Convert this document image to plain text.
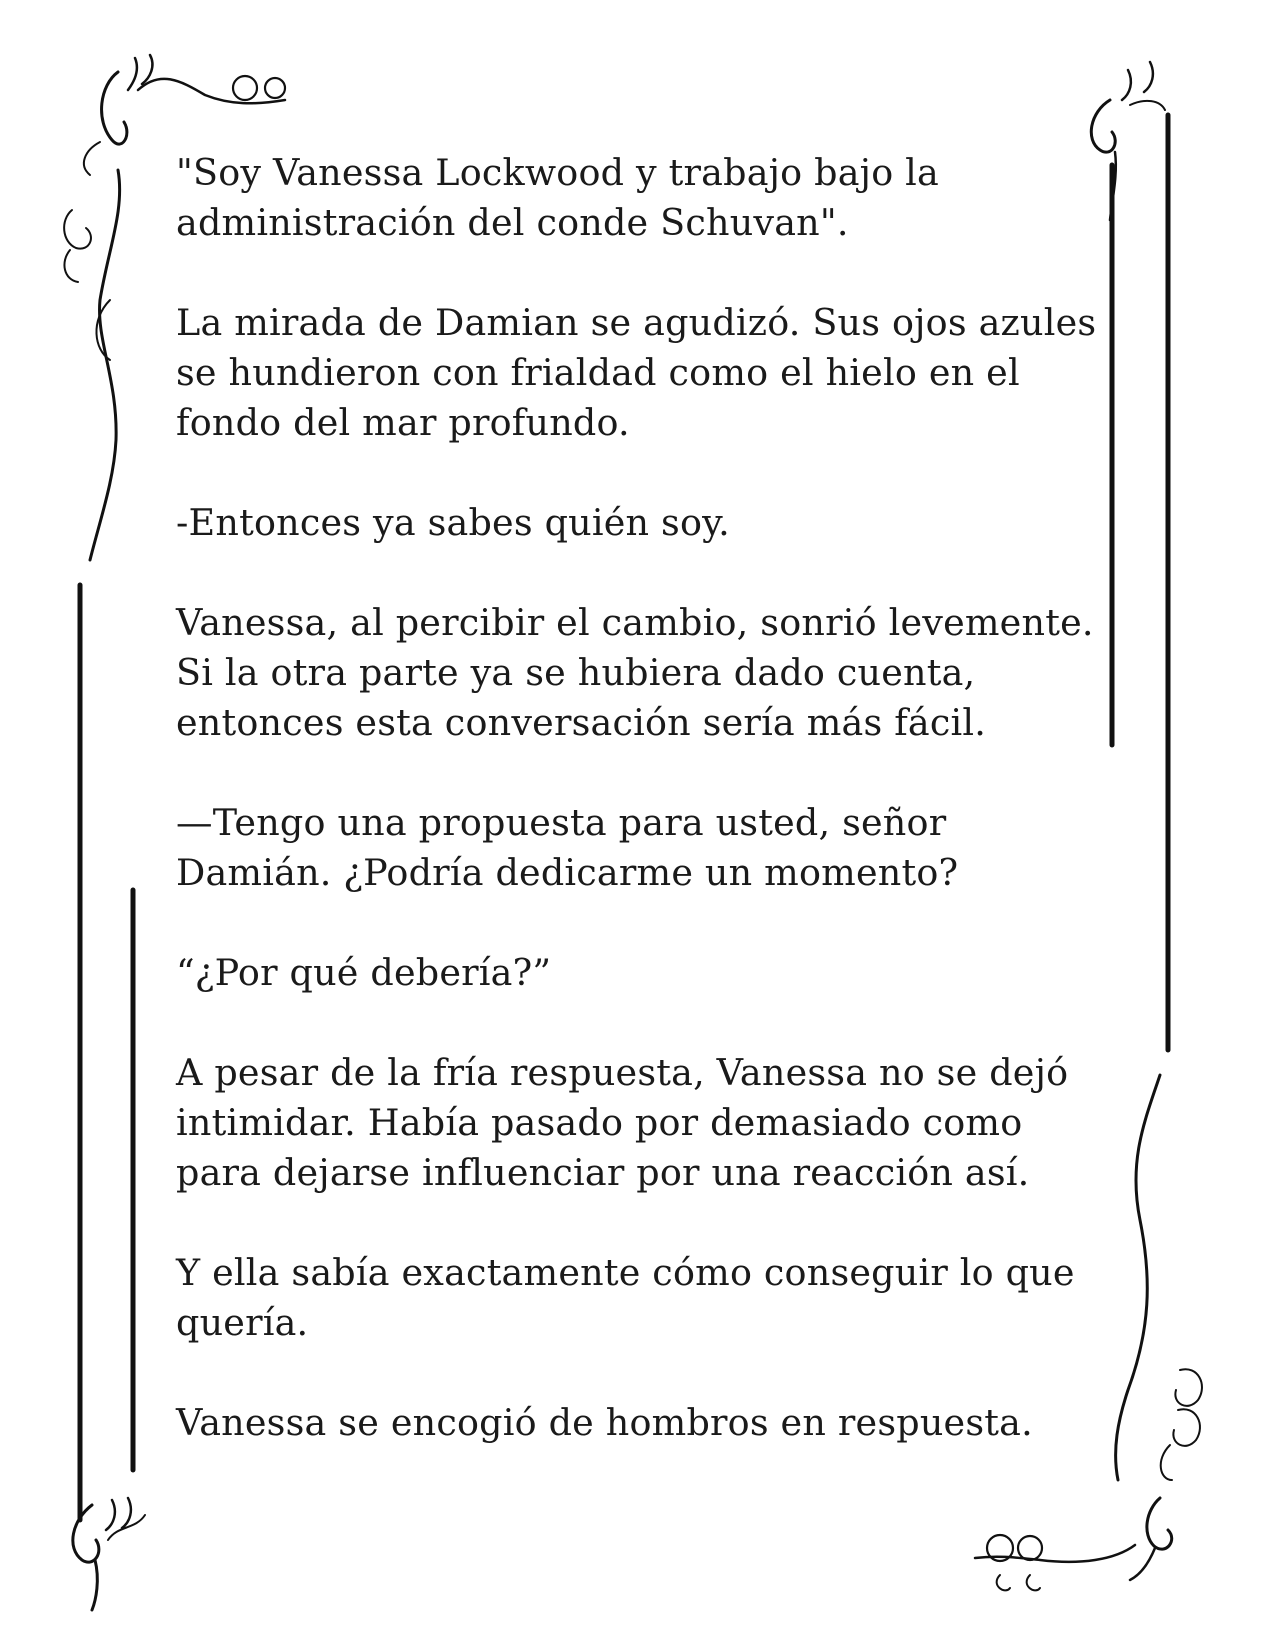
"Soy Vanessa Lockwood y trabajo bajo la administración del conde Schuvan".

La mirada de Damian se agudizó. Sus ojos azules se hundieron con frialdad como el hielo en el fondo del mar profundo.

-Entonces ya sabes quién soy.

Vanessa, al percibir el cambio, sonrió levemente. Si la otra parte ya se hubiera dado cuenta, entonces esta conversación sería más fácil.

—Tengo una propuesta para usted, señor Damián. ¿Podría dedicarme un momento?

“¿Por qué debería?”

A pesar de la fría respuesta, Vanessa no se dejó intimidar. Había pasado por demasiado como para dejarse influenciar por una reacción así.

Y ella sabía exactamente cómo conseguir lo que quería.

Vanessa se encogió de hombros en respuesta.
